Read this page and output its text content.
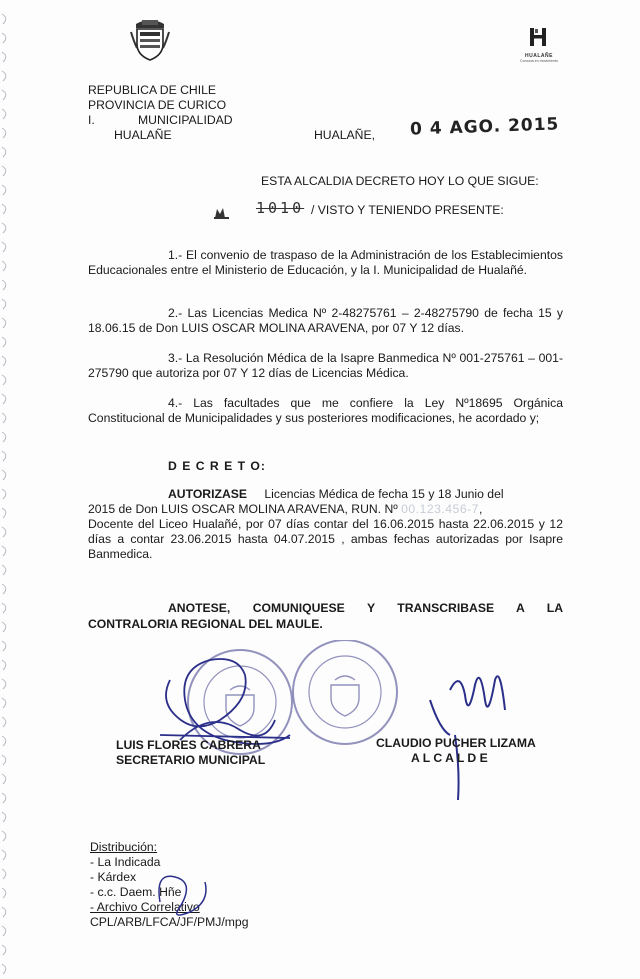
HUALAÑE
Comuna en movimiento
REPUBLICA DE CHILE
PROVINCIA DE CURICO
I.	MUNICIPALIDAD
HUALAÑE	HUALAÑE, 0 4 AGO. 2015
ESTA ALCALDIA DECRETO HOY LO QUE SIGUE:
1010 / VISTO Y TENIENDO PRESENTE:
1.- El convenio de traspaso de la Administración de los Establecimientos Educacionales entre el Ministerio de Educación, y la I. Municipalidad de Hualañé.
2.- Las Licencias Medica Nº 2-48275761 – 2-48275790 de fecha 15 y 18.06.15 de Don LUIS OSCAR MOLINA ARAVENA, por 07 Y 12 días.
3.- La Resolución Médica de la Isapre Banmedica Nº 001-275761 – 001-275790 que autoriza por 07 Y 12 días de Licencias Médica.
4.- Las facultades que me confiere la Ley Nº18695 Orgánica Constitucional de Municipalidades y sus posteriores modificaciones, he acordado y;
D E C R E T O:
AUTORIZASE Licencias Médica de fecha 15 y 18 Junio del
2015 de Don LUIS OSCAR MOLINA ARAVENA, RUN. Nº 00.123.456-7,
Docente del Liceo Hualañé, por 07 días contar del 16.06.2015 hasta 22.06.2015 y 12 días a contar 23.06.2015 hasta 04.07.2015 , ambas fechas autorizadas por Isapre Banmedica.
ANOTESE, COMUNIQUESE Y TRANSCRIBASE A LA
CONTRALORIA REGIONAL DEL MAULE.
LUIS FLORES CABRERA
SECRETARIO MUNICIPAL
CLAUDIO PUCHER LIZAMA
A L C A L D E
Distribución:
- La Indicada
- Kárdex
- c.c. Daem. Hñe
- Archivo Correlativo
CPL/ARB/LFCA/JF/PMJ/mpg
